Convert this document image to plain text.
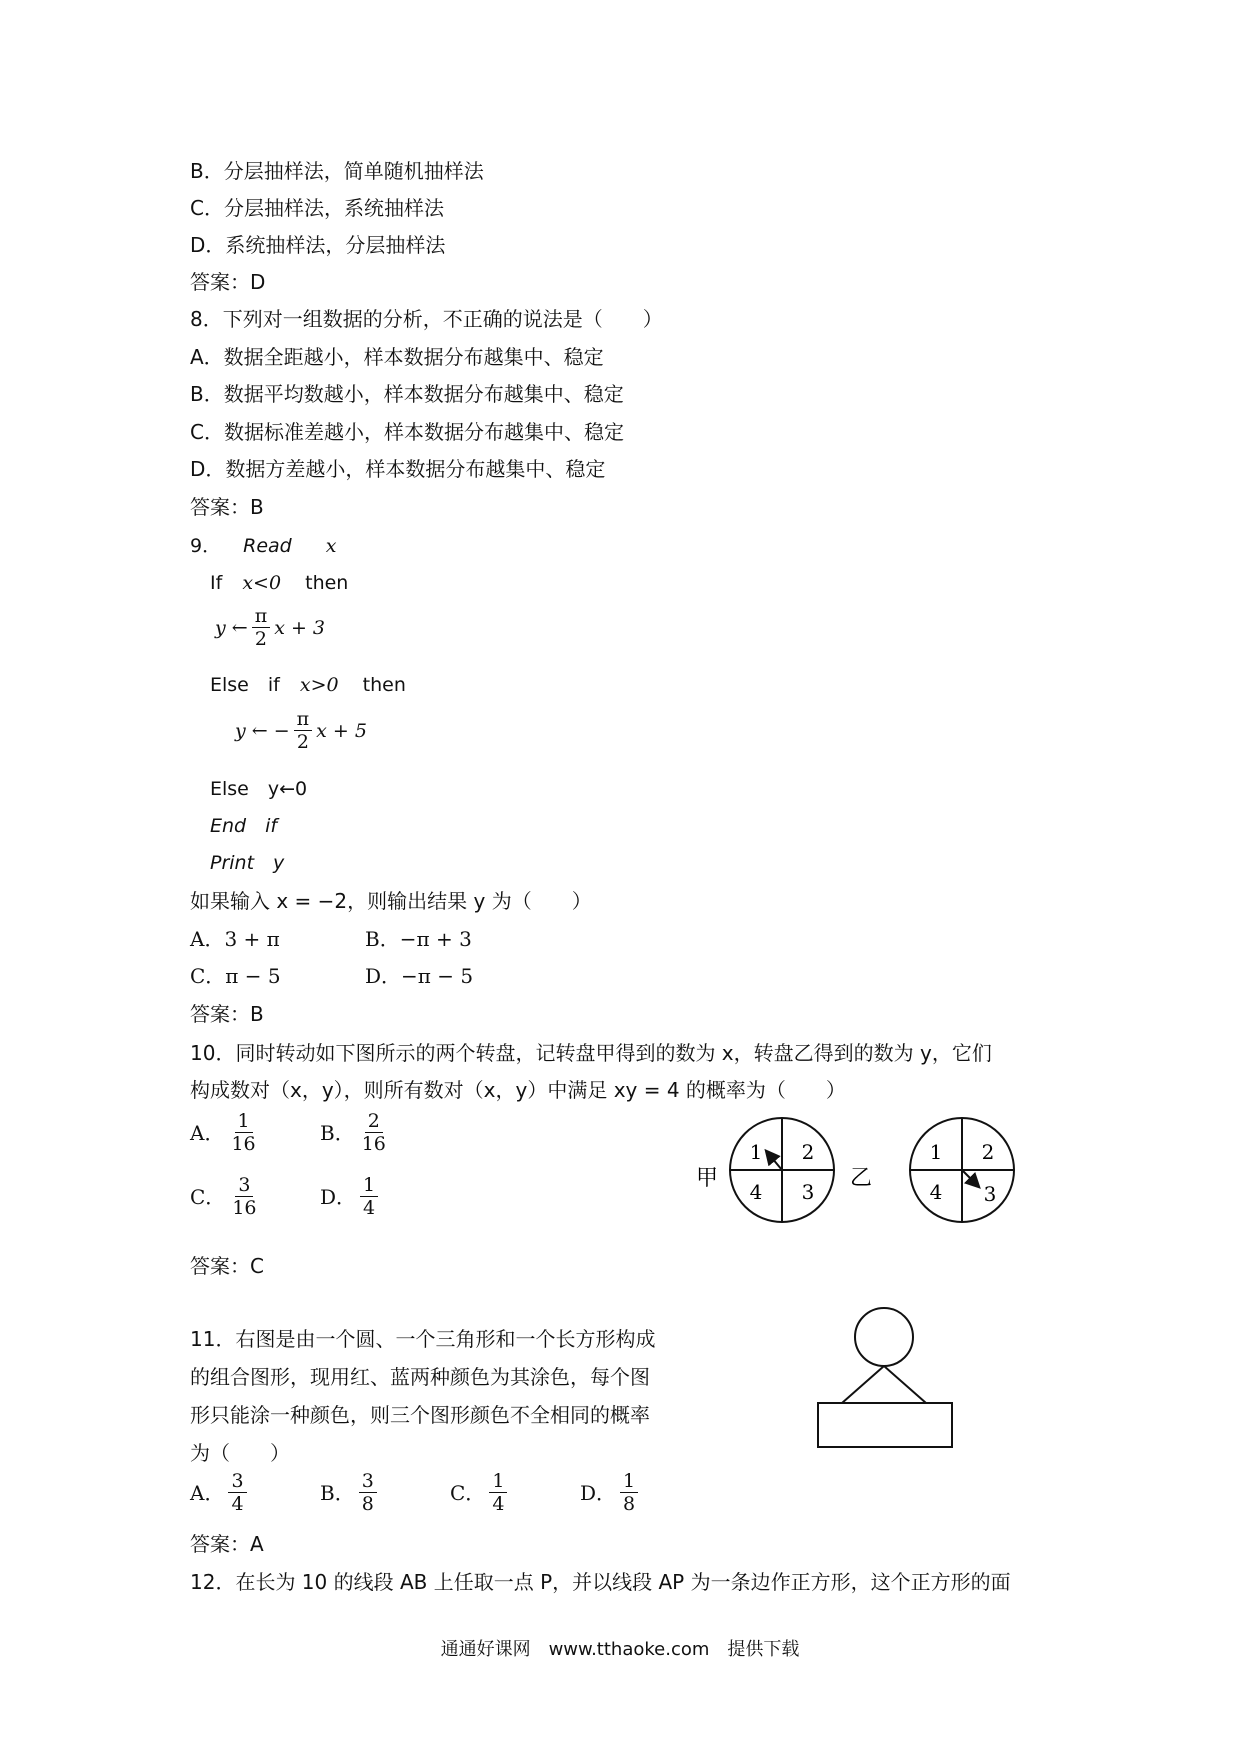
B．分层抽样法，简单随机抽样法
C．分层抽样法，系统抽样法
D．系统抽样法，分层抽样法
答案：D
8．下列对一组数据的分析，不正确的说法是（　　）
A．数据全距越小，样本数据分布越集中、稳定
B．数据平均数越小，样本数据分布越集中、稳定
C．数据标准差越小，样本数据分布越集中、稳定
D．数据方差越小，样本数据分布越集中、稳定
答案：B
9． Read x
If x<0 then
y ← $\frac{\pi}{2}$ x + 3
Else　if x>0 then
y ← − $\frac{\pi}{2}$ x + 5
Else　y←0
End　if
Print　y
如果输入 x = −2，则输出结果 y 为（　　）
A．3 + π	B．−π + 3
C．π − 5	D．−π − 5
答案：B
10．同时转动如下图所示的两个转盘，记转盘甲得到的数为 x，转盘乙得到的数为 y，它们
构成数对（x，y），则所有数对（x，y）中满足 xy = 4 的概率为（　　）
A． $\frac{1}{16}$	B． $\frac{2}{16}$
C． $\frac{3}{16}$	D． $\frac{1}{4}$	甲
1 2
4 3
乙
1 2
4 3
答案：C
11．右图是由一个圆、一个三角形和一个长方形构成
的组合图形，现用红、蓝两种颜色为其涂色，每个图
形只能涂一种颜色，则三个图形颜色不全相同的概率
为（　　）
A． $\frac{3}{4}$	B． $\frac{3}{8}$	C． $\frac{1}{4}$	D． $\frac{1}{8}$
答案：A
12．在长为 10 的线段 AB 上任取一点 P，并以线段 AP 为一条边作正方形，这个正方形的面
通通好课网　www.tthaoke.com　提供下载
